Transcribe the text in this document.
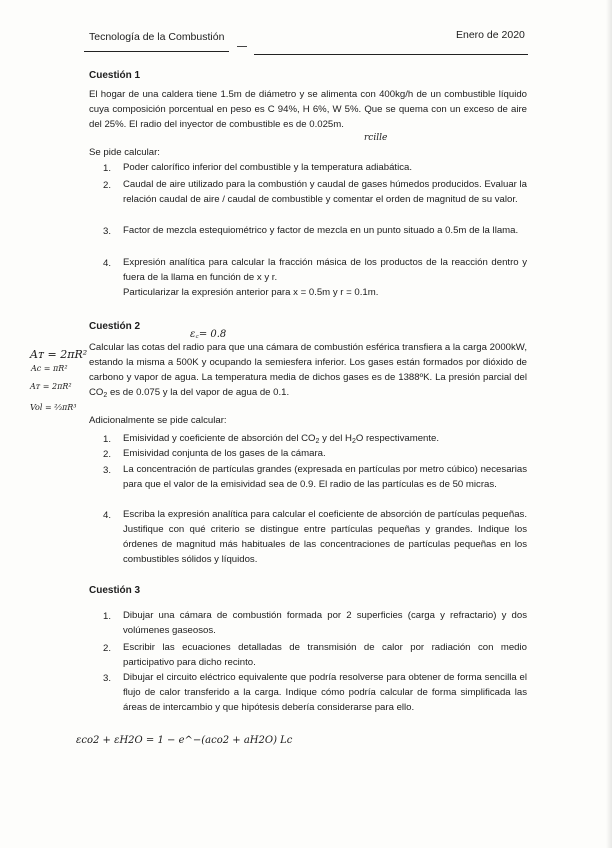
Tecnología de la Combustión	Enero de 2020
Cuestión 1
El hogar de una caldera tiene 1.5m de diámetro y se alimenta con 400kg/h de un combustible líquido cuya composición porcentual en peso es C 94%, H 6%, W 5%. Que se quema con un exceso de aire del 25%. El radio del inyector de combustible es de 0.025m.
rcille
Se pide calcular:
1. Poder calorífico inferior del combustible y la temperatura adiabática.
2. Caudal de aire utilizado para la combustión y caudal de gases húmedos producidos. Evaluar la relación caudal de aire / caudal de combustible y comentar el orden de magnitud de su valor.
3. Factor de mezcla estequiométrico y factor de mezcla en un punto situado a 0.5m de la llama.
4. Expresión analítica para calcular la fracción másica de los productos de la reacción dentro y fuera de la llama en función de x y r.
Particularizar la expresión anterior para x = 0.5m y r = 0.1m.
Cuestión 2
ε꜀= 0.8
Calcular las cotas del radio para que una cámara de combustión esférica transfiera a la carga 2000kW, estando la misma a 500K y ocupando la semiesfera inferior. Los gases están formados por dióxido de carbono y vapor de agua. La temperatura media de dichos gases es de 1388ºK. La presión parcial del $CO_2$ es de 0.075 y la del vapor de agua de 0.1.
Aᴛ = 2πR²
Ac = πR²
Aᴛ = 2πR²
Vol = ⅔πR³
Adicionalmente se pide calcular:
1. Emisividad y coeficiente de absorción del $CO_2$ y del $H_2O$ respectivamente.
2. Emisividad conjunta de los gases de la cámara.
3. La concentración de partículas grandes (expresada en partículas por metro cúbico) necesarias para que el valor de la emisividad sea de 0.9. El radio de las partículas es de 50 micras.
4. Escriba la expresión analítica para calcular el coeficiente de absorción de partículas pequeñas. Justifique con qué criterio se distingue entre partículas pequeñas y grandes. Indique los órdenes de magnitud más habituales de las concentraciones de partículas pequeñas en los combustibles sólidos y líquidos.
Cuestión 3
1. Dibujar una cámara de combustión formada por 2 superficies (carga y refractario) y dos volúmenes gaseosos.
2. Escribir las ecuaciones detalladas de transmisión de calor por radiación con medio participativo para dicho recinto.
3. Dibujar el circuito eléctrico equivalente que podría resolverse para obtener de forma sencilla el flujo de calor transferido a la carga. Indique cómo podría calcular de forma simplificada las áreas de intercambio y que hipótesis debería considerarse para ello.
εco2 + εH2O = 1 − e^−(aco2 + aH2O) Lc
